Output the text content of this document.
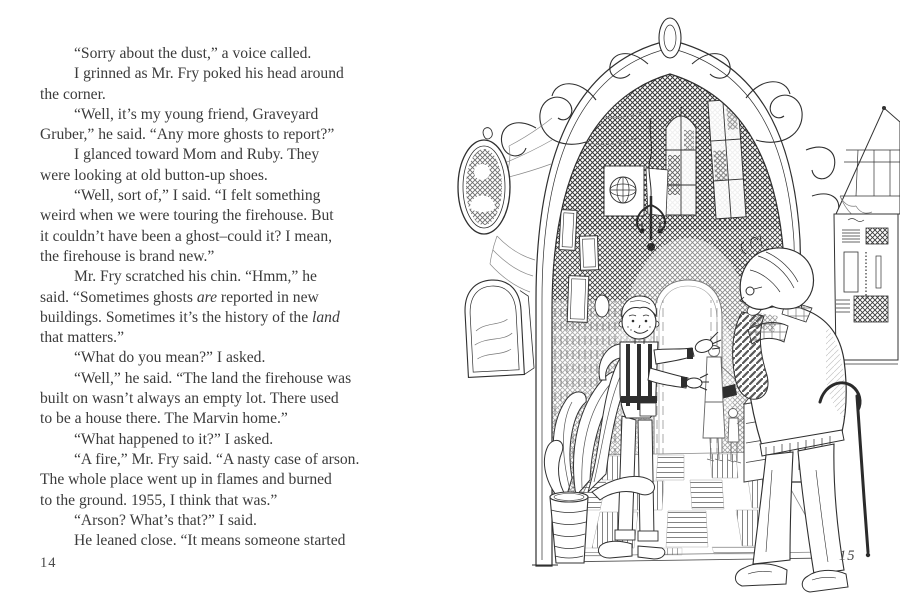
“Sorry about the dust,” a voice called.
I grinned as Mr. Fry poked his head around
the corner.
“Well, it’s my young friend, Graveyard
Gruber,” he said. “Any more ghosts to report?”
I glanced toward Mom and Ruby. They
were looking at old button-up shoes.
“Well, sort of,” I said. “I felt something
weird when we were touring the firehouse. But
it couldn’t have been a ghost–could it? I mean,
the firehouse is brand new.”
Mr. Fry scratched his chin. “Hmm,” he
said. “Sometimes ghosts are reported in new
buildings. Sometimes it’s the history of the land
that matters.”
“What do you mean?” I asked.
“Well,” he said. “The land the firehouse was
built on wasn’t always an empty lot. There used
to be a house there. The Marvin home.”
“What happened to it?” I asked.
“A fire,” Mr. Fry said. “A nasty case of arson.
The whole place went up in flames and burned
to the ground. 1955, I think that was.”
“Arson? What’s that?” I said.
He leaned close. “It means someone started
14	15
